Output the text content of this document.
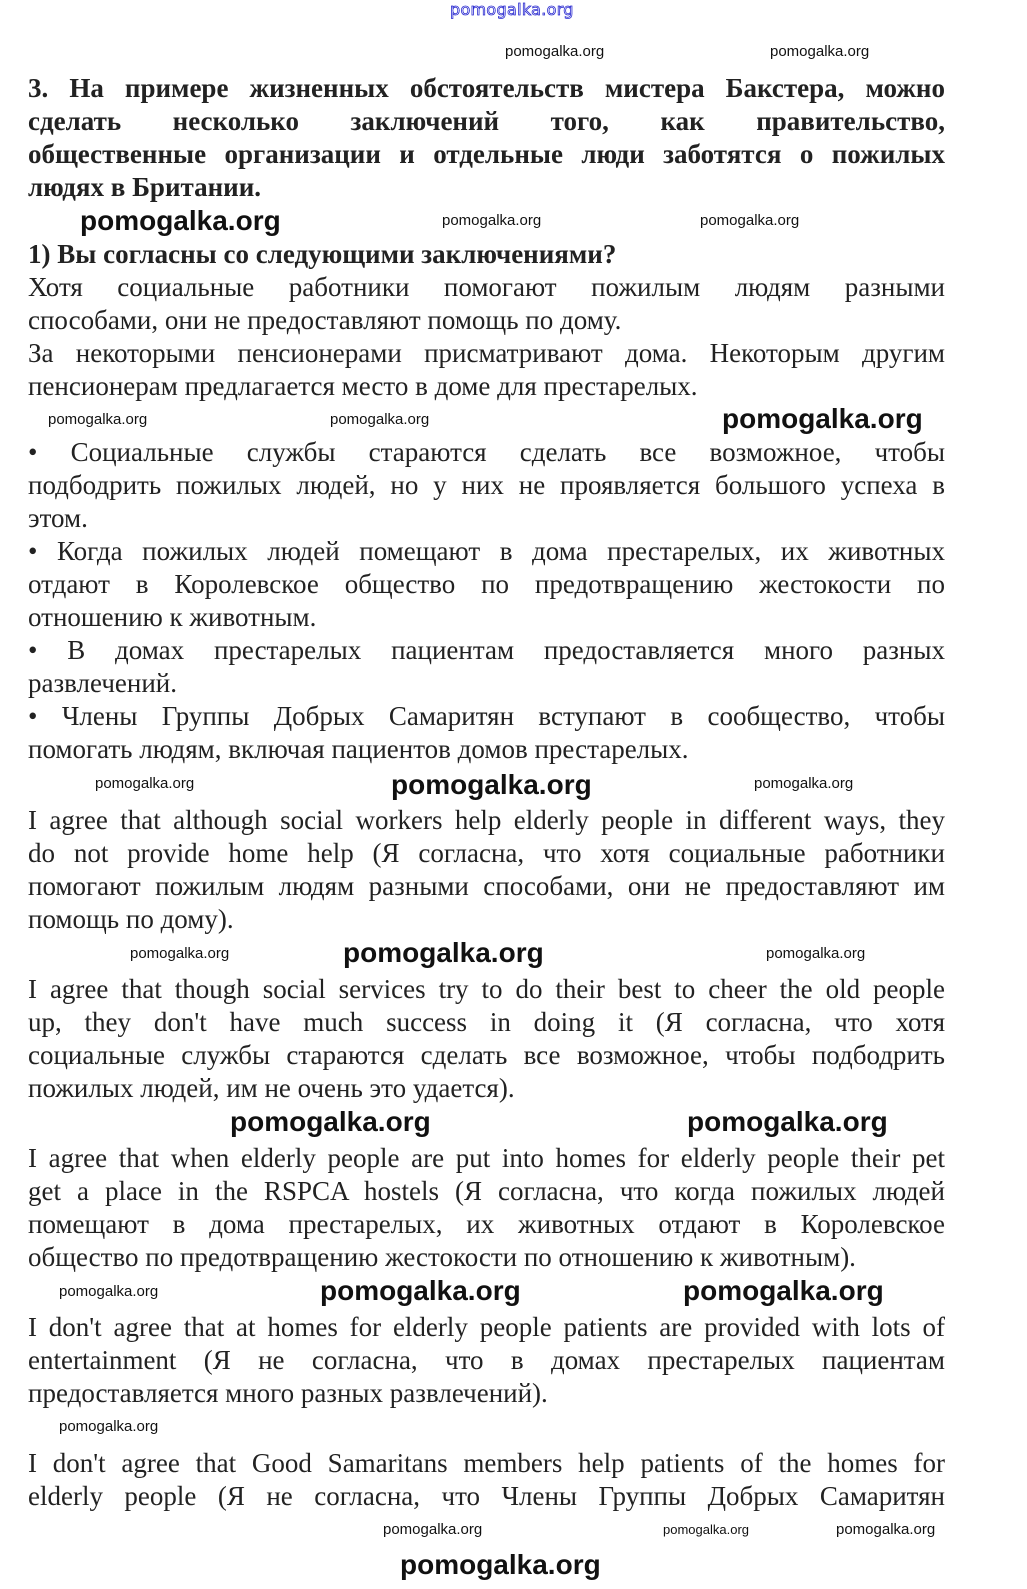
pomogalka.org
3. На примере жизненных обстоятельств мистера Бакстера, можно
сделать несколько заключений того, как правительство,
общественные организации и отдельные люди заботятся о пожилых
людях в Британии.
1) Вы согласны со следующими заключениями?
Хотя социальные работники помогают пожилым людям разными
способами, они не предоставляют помощь по дому.
За некоторыми пенсионерами присматривают дома. Некоторым другим
пенсионерам предлагается место в доме для престарелых.
• Социальные службы стараются сделать все возможное, чтобы
подбодрить пожилых людей, но у них не проявляется большого успеха в
этом.
• Когда пожилых людей помещают в дома престарелых, их животных
отдают в Королевское общество по предотвращению жестокости по
отношению к животным.
• В домах престарелых пациентам предоставляется много разных
развлечений.
• Члены Группы Добрых Самаритян вступают в сообщество, чтобы
помогать людям, включая пациентов домов престарелых.
I agree that although social workers help elderly people in different ways, they
do not provide home help (Я согласна, что хотя социальные работники
помогают пожилым людям разными способами, они не предоставляют им
помощь по дому).
I agree that though social services try to do their best to cheer the old people
up, they don't have much success in doing it (Я согласна, что хотя
социальные службы стараются сделать все возможное, чтобы подбодрить
пожилых людей, им не очень это удается).
I agree that when elderly people are put into homes for elderly people their pet
get a place in the RSPCA hostels (Я согласна, что когда пожилых людей
помещают в дома престарелых, их животных отдают в Королевское
общество по предотвращению жестокости по отношению к животным).
I don't agree that at homes for elderly people patients are provided with lots of
entertainment (Я не согласна, что в домах престарелых пациентам
предоставляется много разных развлечений).
I don't agree that Good Samaritans members help patients of the homes for
elderly people (Я не согласна, что Члены Группы Добрых Самаритян
pomogalka.org	pomogalka.org
pomogalka.org
pomogalka.org	pomogalka.org
pomogalka.org
pomogalka.org
pomogalka.org
pomogalka.org
pomogalka.org
pomogalka.org
pomogalka.org	pomogalka.org
pomogalka.org
pomogalka.org
pomogalka.org
pomogalka.org
pomogalka.org	pomogalka.org
pomogalka.org
pomogalka.org
pomogalka.org	pomogalka.org	pomogalka.org
